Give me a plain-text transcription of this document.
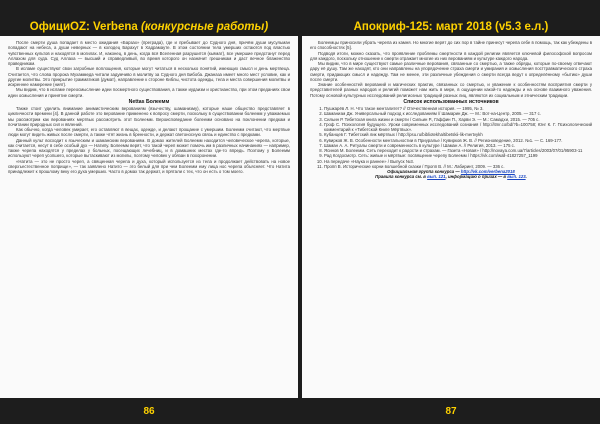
ОфициOZ: Verbena (конкурсные работы)

После смерти душа попадает в место ожидания «Барзах» (преграда), где и пребывает до Судного дня, причём души мусульман попадают на небеса, а души неверных — в колодец Барахут в Хадрамауте. В этом состоянии тела умерших остаются под властью чувственных культов и находятся в могилах. И, наконец, в день, когда вся Вселенная разрушится (кьямат), все умершие предстанут перед Аллахом для суда. Суд Аллаха — высший и справедливый, во время которого он назначит грешникам и даст вечное блаженство праведникам.

В исламе существуют свои загробные воплощения, которые могут читаться в несколько понятий, имеющих смысл и день мертвеца. Считается, что слова пророка Мухаммеда читали задумчиво в молитву за Судного дня Бибоба. Джаназа имеет много мест условие, как и другие молитвы. Это прикрытие грамматиков (думат), направление к стороне Киблы, чистота одежды, тела и места совершения молитвы и искреннее намерение (ният).

Мы видим, что в исламе переосмысление идеи посмертного существования, а также иудаизм и христианство, при этом преданиях свои идеи осмысления и принятие смерти.

Nettas Болеемм

Также стоит уделить внимание анимистическим верованиям (язычеству, шаманизму), которые наше общество представляет в цикличности времени [4]. В данной работе это верование применено к вопросу смерти, поскольку в существовании болеемм у уважаемых мы рассмотрим как верованиях мертвых рассмотреть этот Болеемм. Вероисповедание болеемм основано на поклонении предкам и почитании природных сил и явлений.

Как обычно, когда человек умирает, его оставляют в вещах, одежде, и делают прощание с умершим. Болеемм считают, что мертвые люди могут видеть живых после смерти, а также чтят жизнь в бренности, и держат светоносную связь и единство с предками.

Данный культ восходит к языческим и шаманским верованиям. В домах жителей Болеемм находится человеческое черепа, которые, как считается, несут в себе особый дух — Натипу. Болеемм верят, что такой череп может помочь им в различных начинаниях — например, также черепа находятся у пределах у больных, посещающих лечебниц, и в домашних местах где-то впредь. Поэтому у Болеемм используют череп усопшего, которые вытаскивают из могилы, поэтому человек у обязан в похоронении.

«Натита — это не просто череп, а священная черепа и духа, который используется из тела и продолжает действовать на новое сверхъестественное поприще», — так заявлено Натито — это белый для при чем Болеемм ему лица нос черепа объясняет. Что Натита принадлежит к прошлому веку его духа умерших. Часто в домах так держат, и прятали с тех, что он есть о том моего.

86
Апокриф-125: март 2018 (v5.3 е.л.)

Болеемцы приносили убрать черепа из камня. Но многие верят до сих пор в тайне принесут черепа себе в помощь, так как убеждены в его способностях [5].

Подводя итоги, можно сказать, что проявление проблемы смертности в каждой религии является ключевой философской вопросом для каждого, поскольку отношение к смерти отражает многие из них верованиям и культуре каждого народа.

Мы видим, что в мире существуют самые различные верования, связанные со смертью, а также обряды, которые по-своему отвечают дару её душу. Там же находят, кто они направлены на упорядочение страха смерти и умирания и осмысления посттравматического страха смерти, придающих смысл и надежду. Там не менее, эти различные убеждения о смерти всегда ведут к определённому «бытию» души после смерти.

Знание особенностей верований и магических практик, связанных со смертью, и уважение к особенностям восприятия смерти у представителей разных народов и религий поможет нам жить в мире, в ощущении какой-то надежды и на основе взаимного уважения. Потому основой культурных исследований религиозных традиций разных лиц, являются их социальным и этническим традиции.

Список использованных источников
1. Пушкарёв Л. Н. Что такое менталитет? // Отечественная история. — 1995, № 3.
2. Шаманизм Дж. Универсальный подход к исследованиям // Шамарин Дж. — М.: Вот-на-Центр, 2005. — 317 с.
3. Сильин Р. Тибетская книга жизни и смерти / Сильин Р., Гаффин П., Харви Э. — М.: Самадхи, 2015. — 705 с.
4. Гроф С. Психология будущего. Уроки современных исследований сознания / http://itmr.co/bd/?b=100758; Юнг К. Г. Психологический комментарий к «Тибетской Книге Мёртвых».
5. Кубанцев Г. Тибетский лик мёртвых / http://psu.ru/bibliotekha/tibetskii-lik-mertvykh
6. Кувирков Ж. В. Особенности ментальностии в Приуралье / Кувирков Ж. В. // Регионоведение, 2012. №1. — С. 169-177.
7. Шаман А. А. Ритуалы смерти и современность в культуре / Шаман А. // Религия, 2013. — 175 с.
8. Ясинов М. Болеемм. Сеть переходит к радости и страхам. — Газета «Новая» / http://novaya.com.ua/7/articles/2003/07/01/95903-11
9. Рад Когдосмотр. Сеть: живые и мёртвые: посвящение черепу Болеемм / https://vk.com/wall-41827257_1199
10. На передаче «Наука и раннее» / Выпуск №3.
11. Пропп В. Исторические корни волшебной сказки / Пропп В. // М.: Лабиринт, 2009. — 336 с.

Официальная группа конкурса — http://vk.com/verbena2018

Правила конкурса см. в вып. 121, информацию о призах — в вып. 123.

87
